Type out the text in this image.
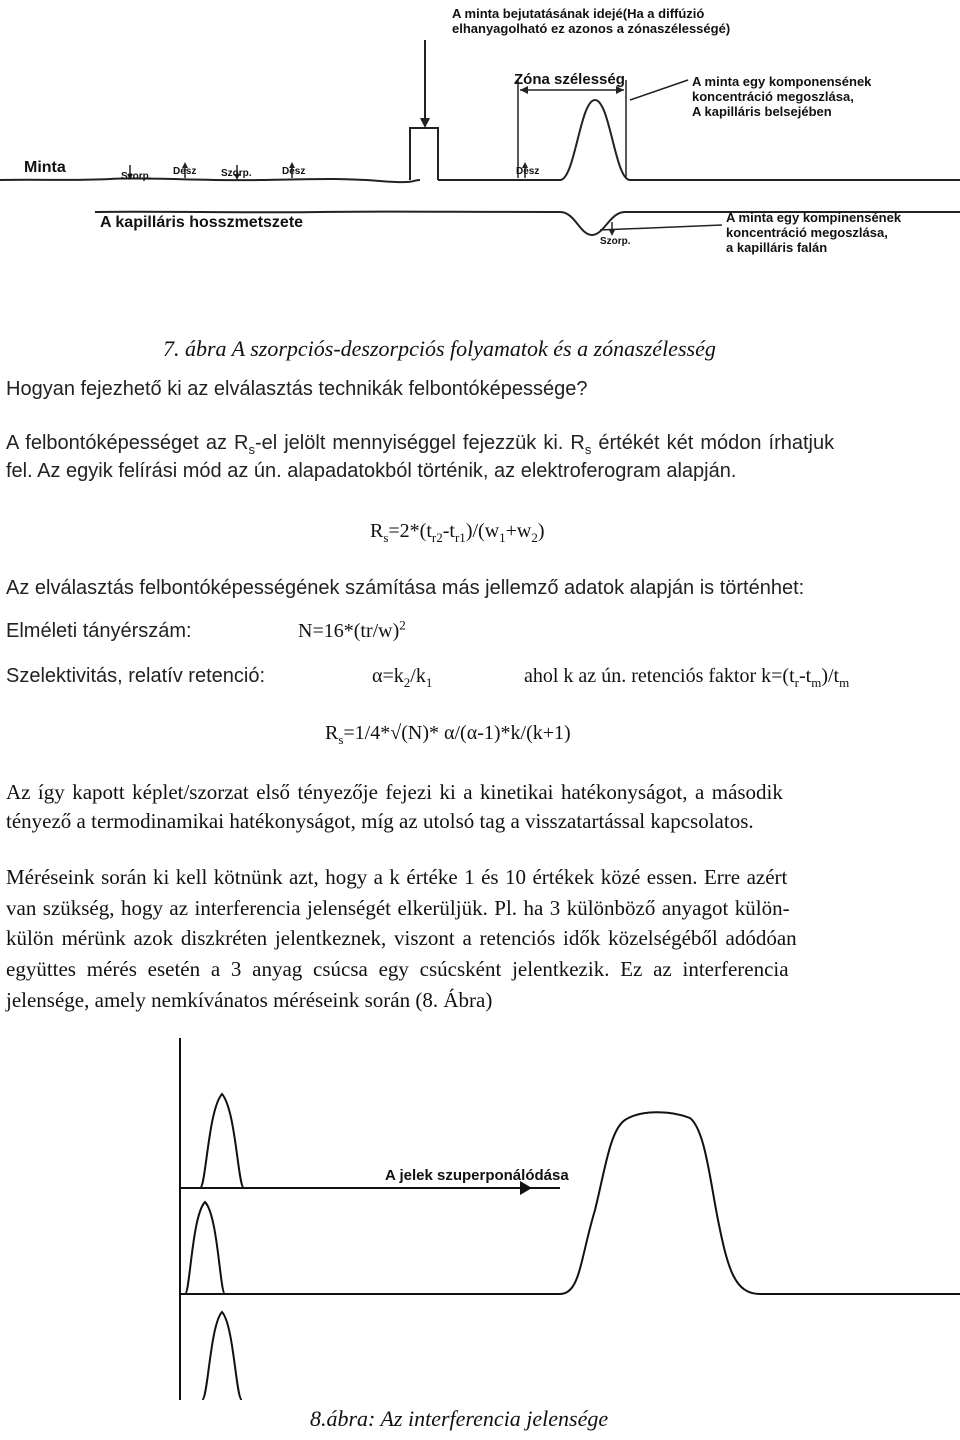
A minta bejutatásának idejé(Ha a diffúzió
elhanyagolható ez azonos a zónaszélességé)
Zóna szélesség	A minta egy komponensének
koncentráció megoszlása,
A kapilláris belsejében
Minta
Szorp. Desz Szorp.	Desz	Desz
Szorp.
A kapilláris hosszmetszete	A minta egy kompinensének
koncentráció megoszlása,
a kapilláris falán
7. ábra A szorpciós-deszorpciós folyamatok és a zónaszélesség
Hogyan fejezhető ki az elválasztás technikák felbontóképessége?
A felbontóképességet az $R_s-el$ jelölt mennyiséggel fejezzük ki. $R_s$ értékét két módon írhatjuk
fel. Az egyik felírási mód az ún. alapadatokból történik, az elektroferogram alapján.
$R_s=2*(t_{r2}-t_{r1})/(w_1+w_2)$
Az elválasztás felbontóképességének számítása más jellemző adatok alapján is történhet:
Elméleti tányérszám:	$N=16*(tr/w)^2$
Szelektivitás, relatív retenció:	$\alpha=k_2/k_1$	ahol k az ún. retenciós faktor $k=(t_r-t_m)/t_m$
$R_s=1/4*√(N)*$ α/(α-1)*k/(k+1)
Az így kapott képlet/szorzat első tényezője fejezi ki a kinetikai hatékonyságot, a második
tényező a termodinamikai hatékonyságot, míg az utolsó tag a visszatartással kapcsolatos.
Méréseink során ki kell kötnünk azt, hogy a k értéke 1 és 10 értékek közé essen. Erre azért
van szükség, hogy az interferencia jelenségét elkerüljük. Pl. ha 3 különböző anyagot külön-
külön mérünk azok diszkréten jelentkeznek, viszont a retenciós idők közelségéből adódóan
együttes mérés esetén a 3 anyag csúcsa egy csúcsként jelentkezik. Ez az interferencia
jelensége, amely nemkívánatos méréseink során (8. Ábra)
A jelek szuperponálódása
8.ábra: Az interferencia jelensége
